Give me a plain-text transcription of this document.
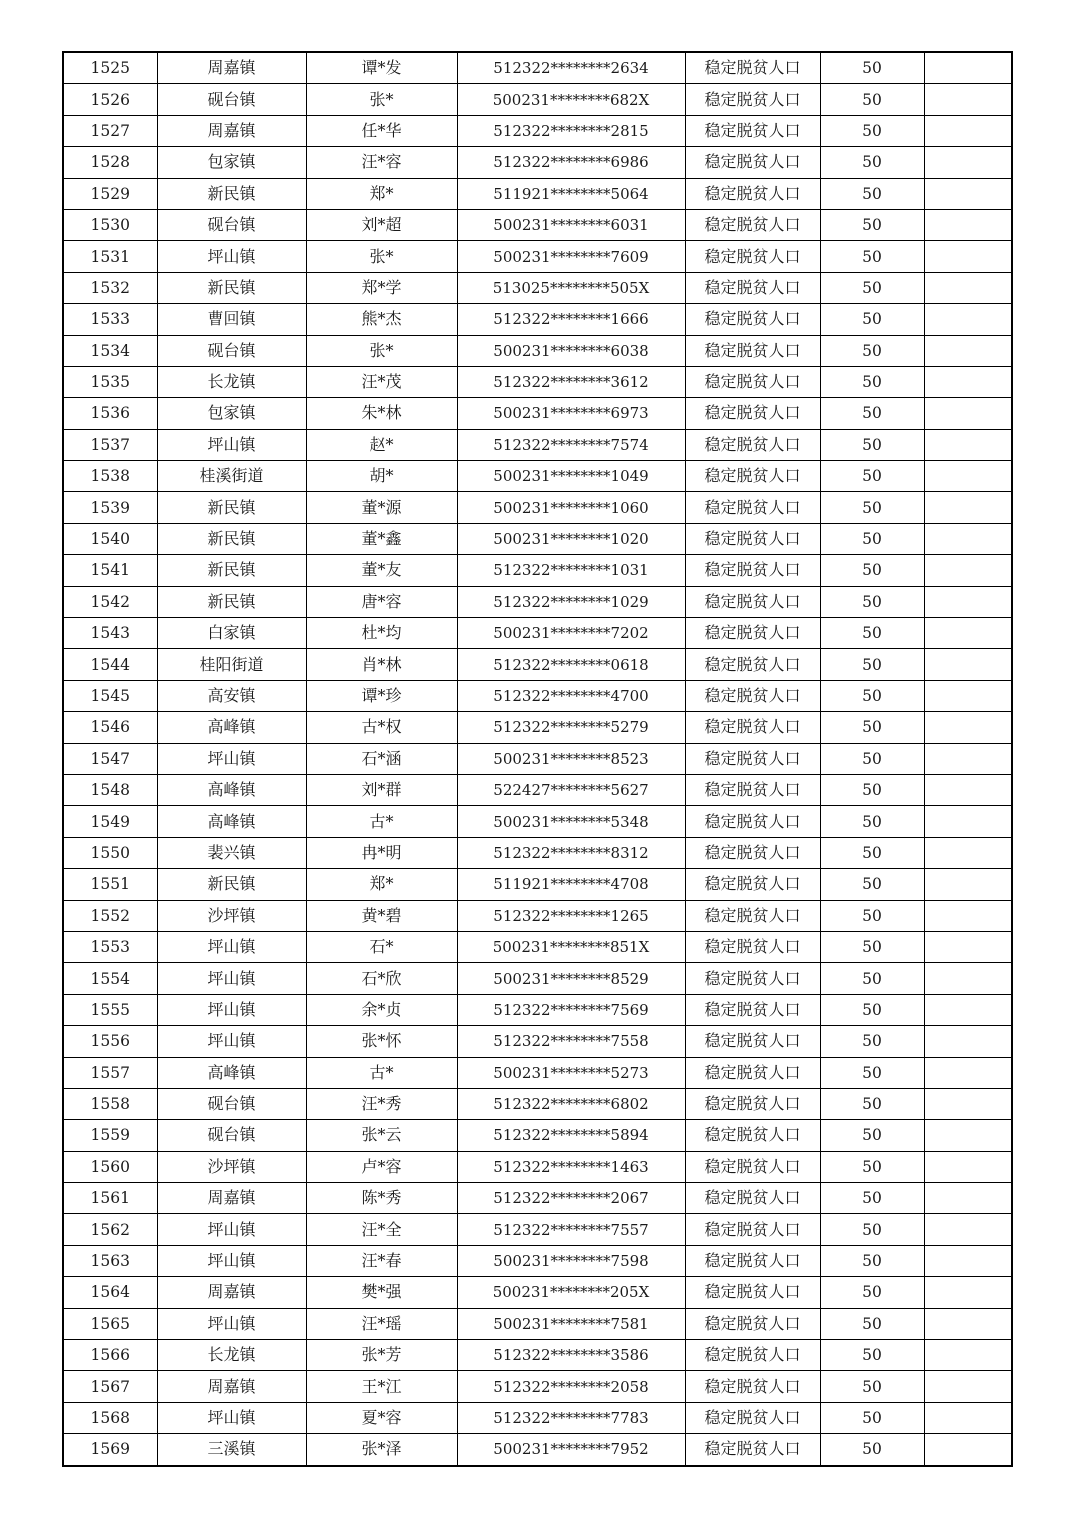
1525	周嘉镇	谭*发	512322********2634	稳定脱贫人口	50	
1526	砚台镇	张*	500231********682X	稳定脱贫人口	50	
1527	周嘉镇	任*华	512322********2815	稳定脱贫人口	50	
1528	包家镇	汪*容	512322********6986	稳定脱贫人口	50	
1529	新民镇	郑*	511921********5064	稳定脱贫人口	50	
1530	砚台镇	刘*超	500231********6031	稳定脱贫人口	50	
1531	坪山镇	张*	500231********7609	稳定脱贫人口	50	
1532	新民镇	郑*学	513025********505X	稳定脱贫人口	50	
1533	曹回镇	熊*杰	512322********1666	稳定脱贫人口	50	
1534	砚台镇	张*	500231********6038	稳定脱贫人口	50	
1535	长龙镇	汪*茂	512322********3612	稳定脱贫人口	50	
1536	包家镇	朱*林	500231********6973	稳定脱贫人口	50	
1537	坪山镇	赵*	512322********7574	稳定脱贫人口	50	
1538	桂溪街道	胡*	500231********1049	稳定脱贫人口	50	
1539	新民镇	董*源	500231********1060	稳定脱贫人口	50	
1540	新民镇	董*鑫	500231********1020	稳定脱贫人口	50	
1541	新民镇	董*友	512322********1031	稳定脱贫人口	50	
1542	新民镇	唐*容	512322********1029	稳定脱贫人口	50	
1543	白家镇	杜*均	500231********7202	稳定脱贫人口	50	
1544	桂阳街道	肖*林	512322********0618	稳定脱贫人口	50	
1545	高安镇	谭*珍	512322********4700	稳定脱贫人口	50	
1546	高峰镇	古*权	512322********5279	稳定脱贫人口	50	
1547	坪山镇	石*涵	500231********8523	稳定脱贫人口	50	
1548	高峰镇	刘*群	522427********5627	稳定脱贫人口	50	
1549	高峰镇	古*	500231********5348	稳定脱贫人口	50	
1550	裴兴镇	冉*明	512322********8312	稳定脱贫人口	50	
1551	新民镇	郑*	511921********4708	稳定脱贫人口	50	
1552	沙坪镇	黄*碧	512322********1265	稳定脱贫人口	50	
1553	坪山镇	石*	500231********851X	稳定脱贫人口	50	
1554	坪山镇	石*欣	500231********8529	稳定脱贫人口	50	
1555	坪山镇	余*贞	512322********7569	稳定脱贫人口	50	
1556	坪山镇	张*怀	512322********7558	稳定脱贫人口	50	
1557	高峰镇	古*	500231********5273	稳定脱贫人口	50	
1558	砚台镇	汪*秀	512322********6802	稳定脱贫人口	50	
1559	砚台镇	张*云	512322********5894	稳定脱贫人口	50	
1560	沙坪镇	卢*容	512322********1463	稳定脱贫人口	50	
1561	周嘉镇	陈*秀	512322********2067	稳定脱贫人口	50	
1562	坪山镇	汪*全	512322********7557	稳定脱贫人口	50	
1563	坪山镇	汪*春	500231********7598	稳定脱贫人口	50	
1564	周嘉镇	樊*强	500231********205X	稳定脱贫人口	50	
1565	坪山镇	汪*瑶	500231********7581	稳定脱贫人口	50	
1566	长龙镇	张*芳	512322********3586	稳定脱贫人口	50	
1567	周嘉镇	王*江	512322********2058	稳定脱贫人口	50	
1568	坪山镇	夏*容	512322********7783	稳定脱贫人口	50	
1569	三溪镇	张*泽	500231********7952	稳定脱贫人口	50	
